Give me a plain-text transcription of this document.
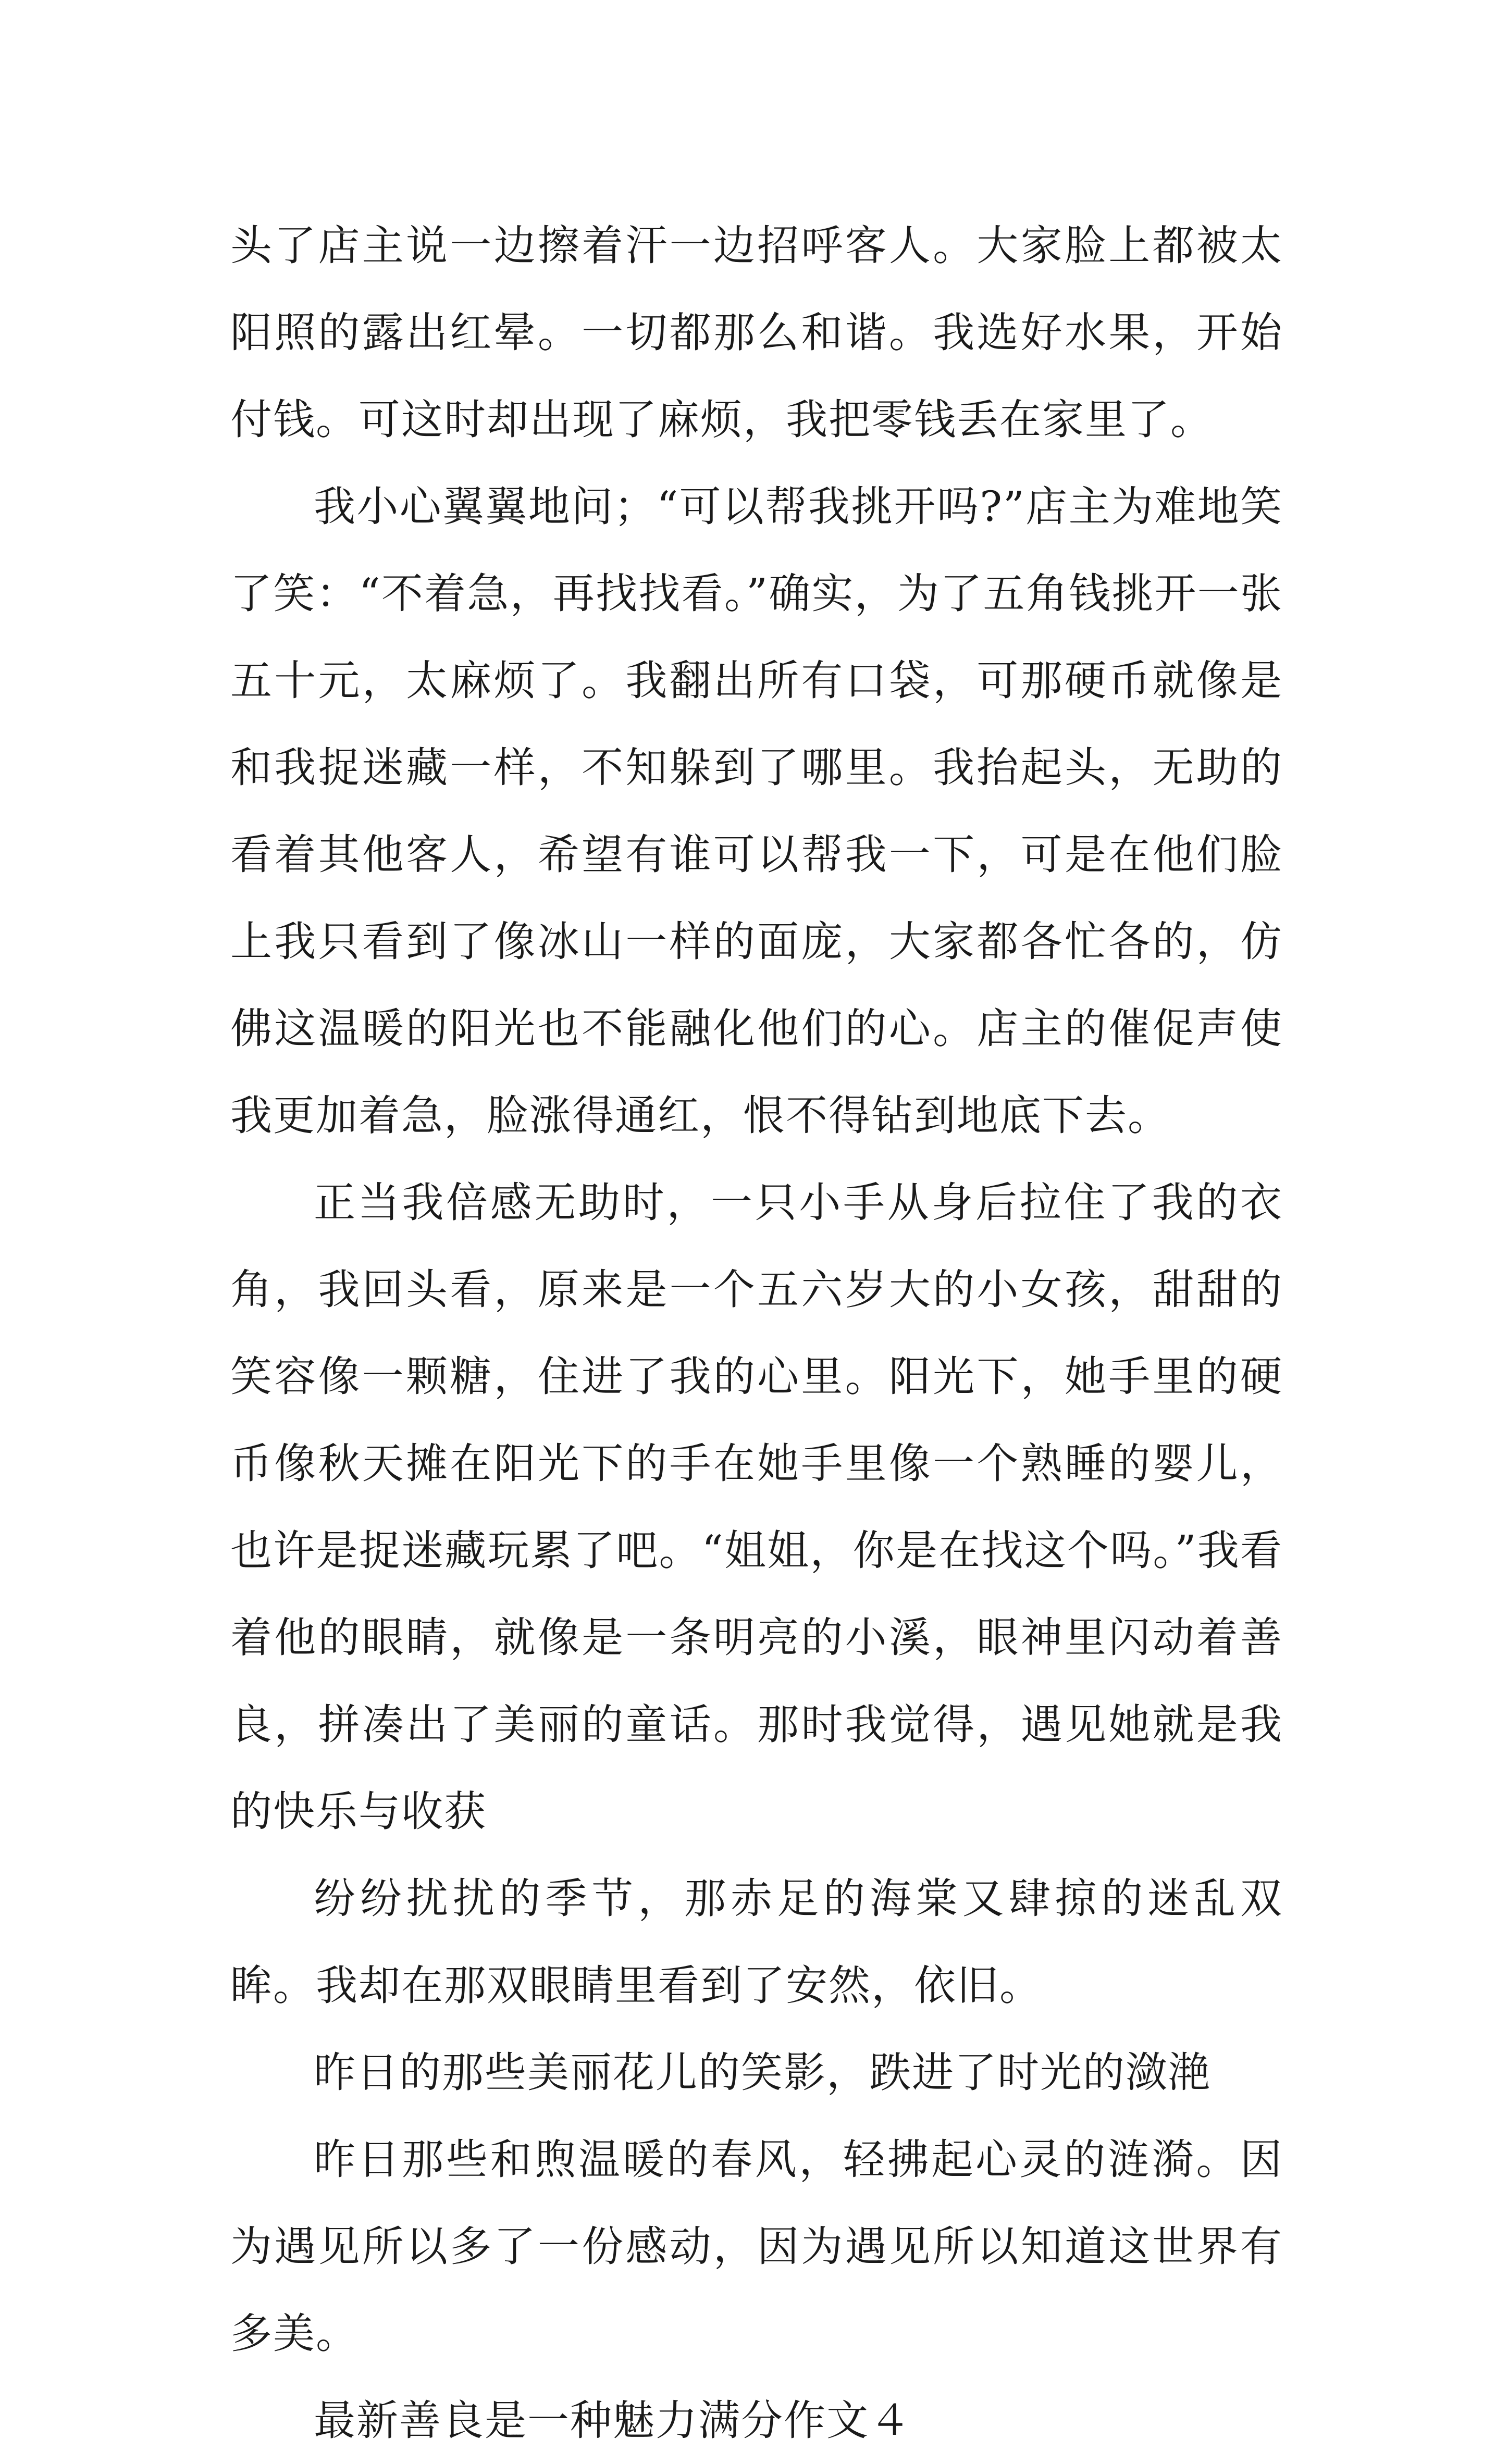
头了店主说一边擦着汗一边招呼客人。大家脸上都被太阳照的露出红晕。一切都那么和谐。我选好水果，开始付钱。可这时却出现了麻烦，我把零钱丢在家里了。

我小心翼翼地问；“可以帮我挑开吗?”店主为难地笑了笑：“不着急，再找找看。”确实，为了五角钱挑开一张五十元，太麻烦了。我翻出所有口袋，可那硬币就像是和我捉迷藏一样，不知躲到了哪里。我抬起头，无助的看着其他客人，希望有谁可以帮我一下，可是在他们脸上我只看到了像冰山一样的面庞，大家都各忙各的，仿佛这温暖的阳光也不能融化他们的心。店主的催促声使我更加着急，脸涨得通红，恨不得钻到地底下去。

正当我倍感无助时，一只小手从身后拉住了我的衣角，我回头看，原来是一个五六岁大的小女孩，甜甜的笑容像一颗糖，住进了我的心里。阳光下，她手里的硬币像秋天摊在阳光下的手在她手里像一个熟睡的婴儿，也许是捉迷藏玩累了吧。“姐姐，你是在找这个吗。”我看着他的眼睛，就像是一条明亮的小溪，眼神里闪动着善良，拼凑出了美丽的童话。那时我觉得，遇见她就是我的快乐与收获

纷纷扰扰的季节，那赤足的海棠又肆掠的迷乱双眸。我却在那双眼睛里看到了安然，依旧。

昨日的那些美丽花儿的笑影，跌进了时光的潋滟

昨日那些和煦温暖的春风，轻拂起心灵的涟漪。因为遇见所以多了一份感动，因为遇见所以知道这世界有多美。

最新善良是一种魅力满分作文４
